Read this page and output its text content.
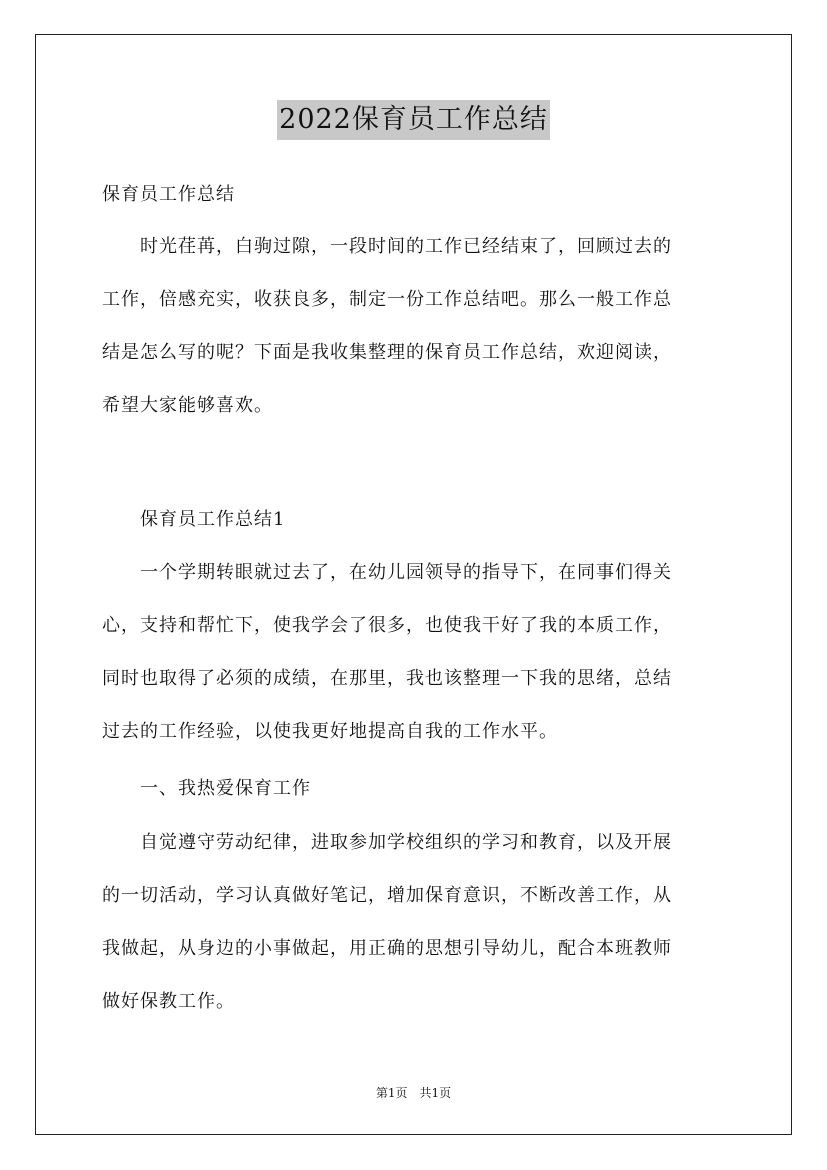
2022保育员工作总结

保育员工作总结

　　时光荏苒，白驹过隙，一段时间的工作已经结束了，回顾过去的
工作，倍感充实，收获良多，制定一份工作总结吧。那么一般工作总
结是怎么写的呢？下面是我收集整理的保育员工作总结，欢迎阅读，
希望大家能够喜欢。

　　保育员工作总结1

　　一个学期转眼就过去了，在幼儿园领导的指导下，在同事们得关
心，支持和帮忙下，使我学会了很多，也使我干好了我的本质工作，
同时也取得了必须的成绩，在那里，我也该整理一下我的思绪，总结
过去的工作经验，以使我更好地提高自我的工作水平。

　　一、我热爱保育工作

　　自觉遵守劳动纪律，进取参加学校组织的学习和教育，以及开展
的一切活动，学习认真做好笔记，增加保育意识，不断改善工作，从
我做起，从身边的小事做起，用正确的思想引导幼儿，配合本班教师
做好保教工作。
第1页　共1页
